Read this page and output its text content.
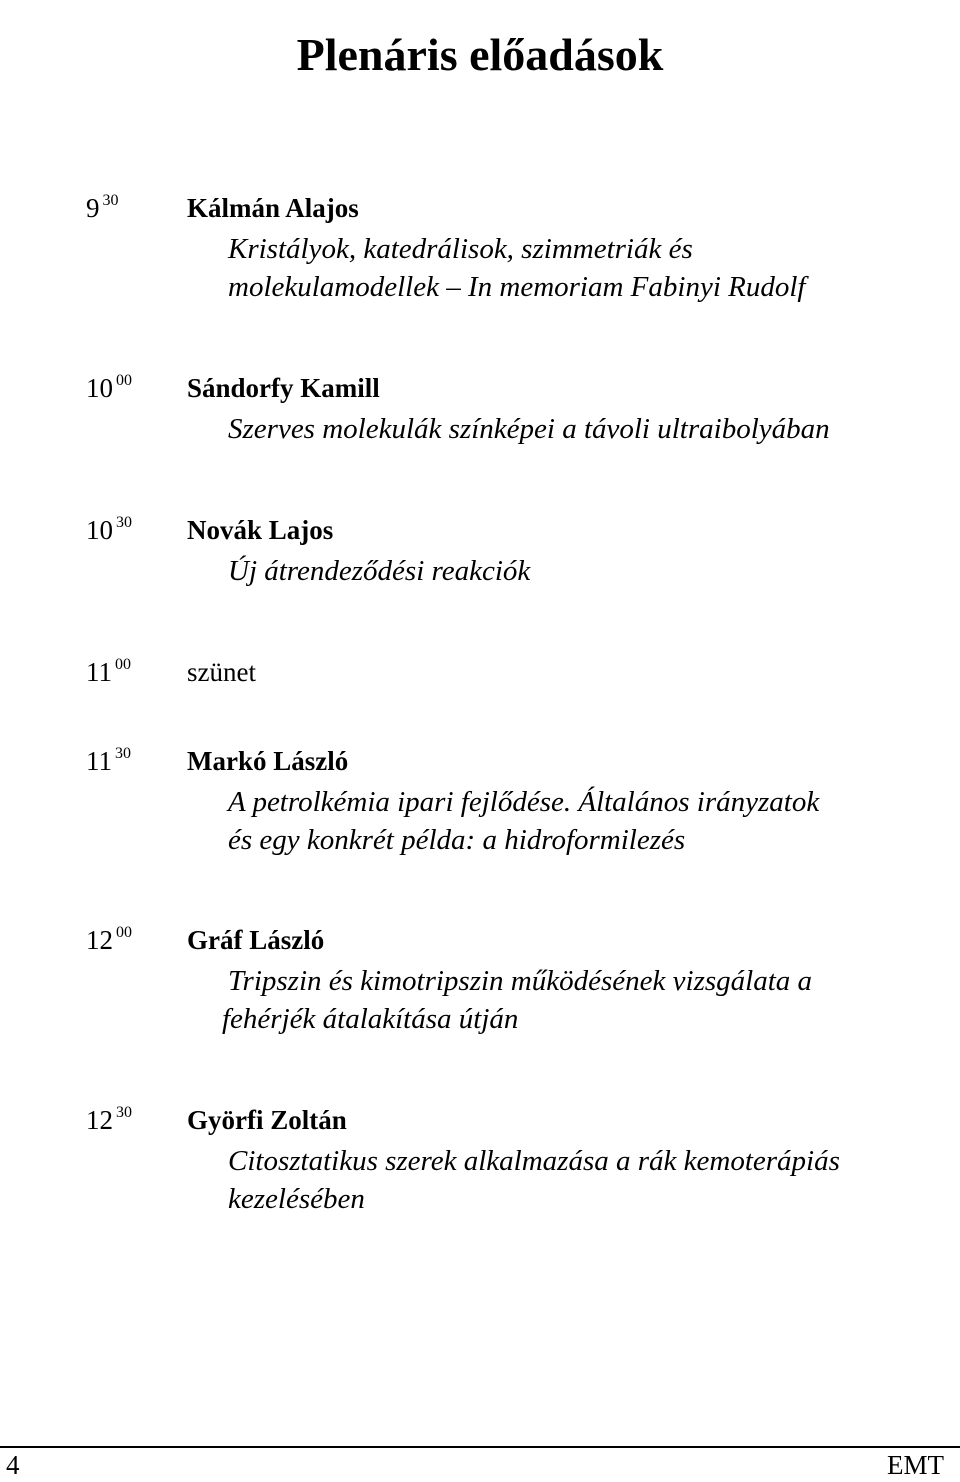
Plenáris előadások
9 $^{30}$	Kálmán Alajos
Kristályok, katedrálisok, szimmetriák és
molekulamodellek – In memoriam Fabinyi Rudolf
10 $^{00}$ Sándorfy Kamill
Szerves molekulák színképei a távoli ultraibolyában
10 $^{30}$ Novák Lajos
Új átrendeződési reakciók
11 $^{00}$ szünet
11 $^{30}$ Markó László
A petrolkémia ipari fejlődése. Általános irányzatok
és egy konkrét példa: a hidroformilezés
12 $^{00}$ Gráf László
Tripszin és kimotripszin működésének vizsgálata a
fehérjék átalakítása útján
12 $^{30}$ Györfi Zoltán
Citosztatikus szerek alkalmazása a rák kemoterápiás
kezelésében
4	EMT
